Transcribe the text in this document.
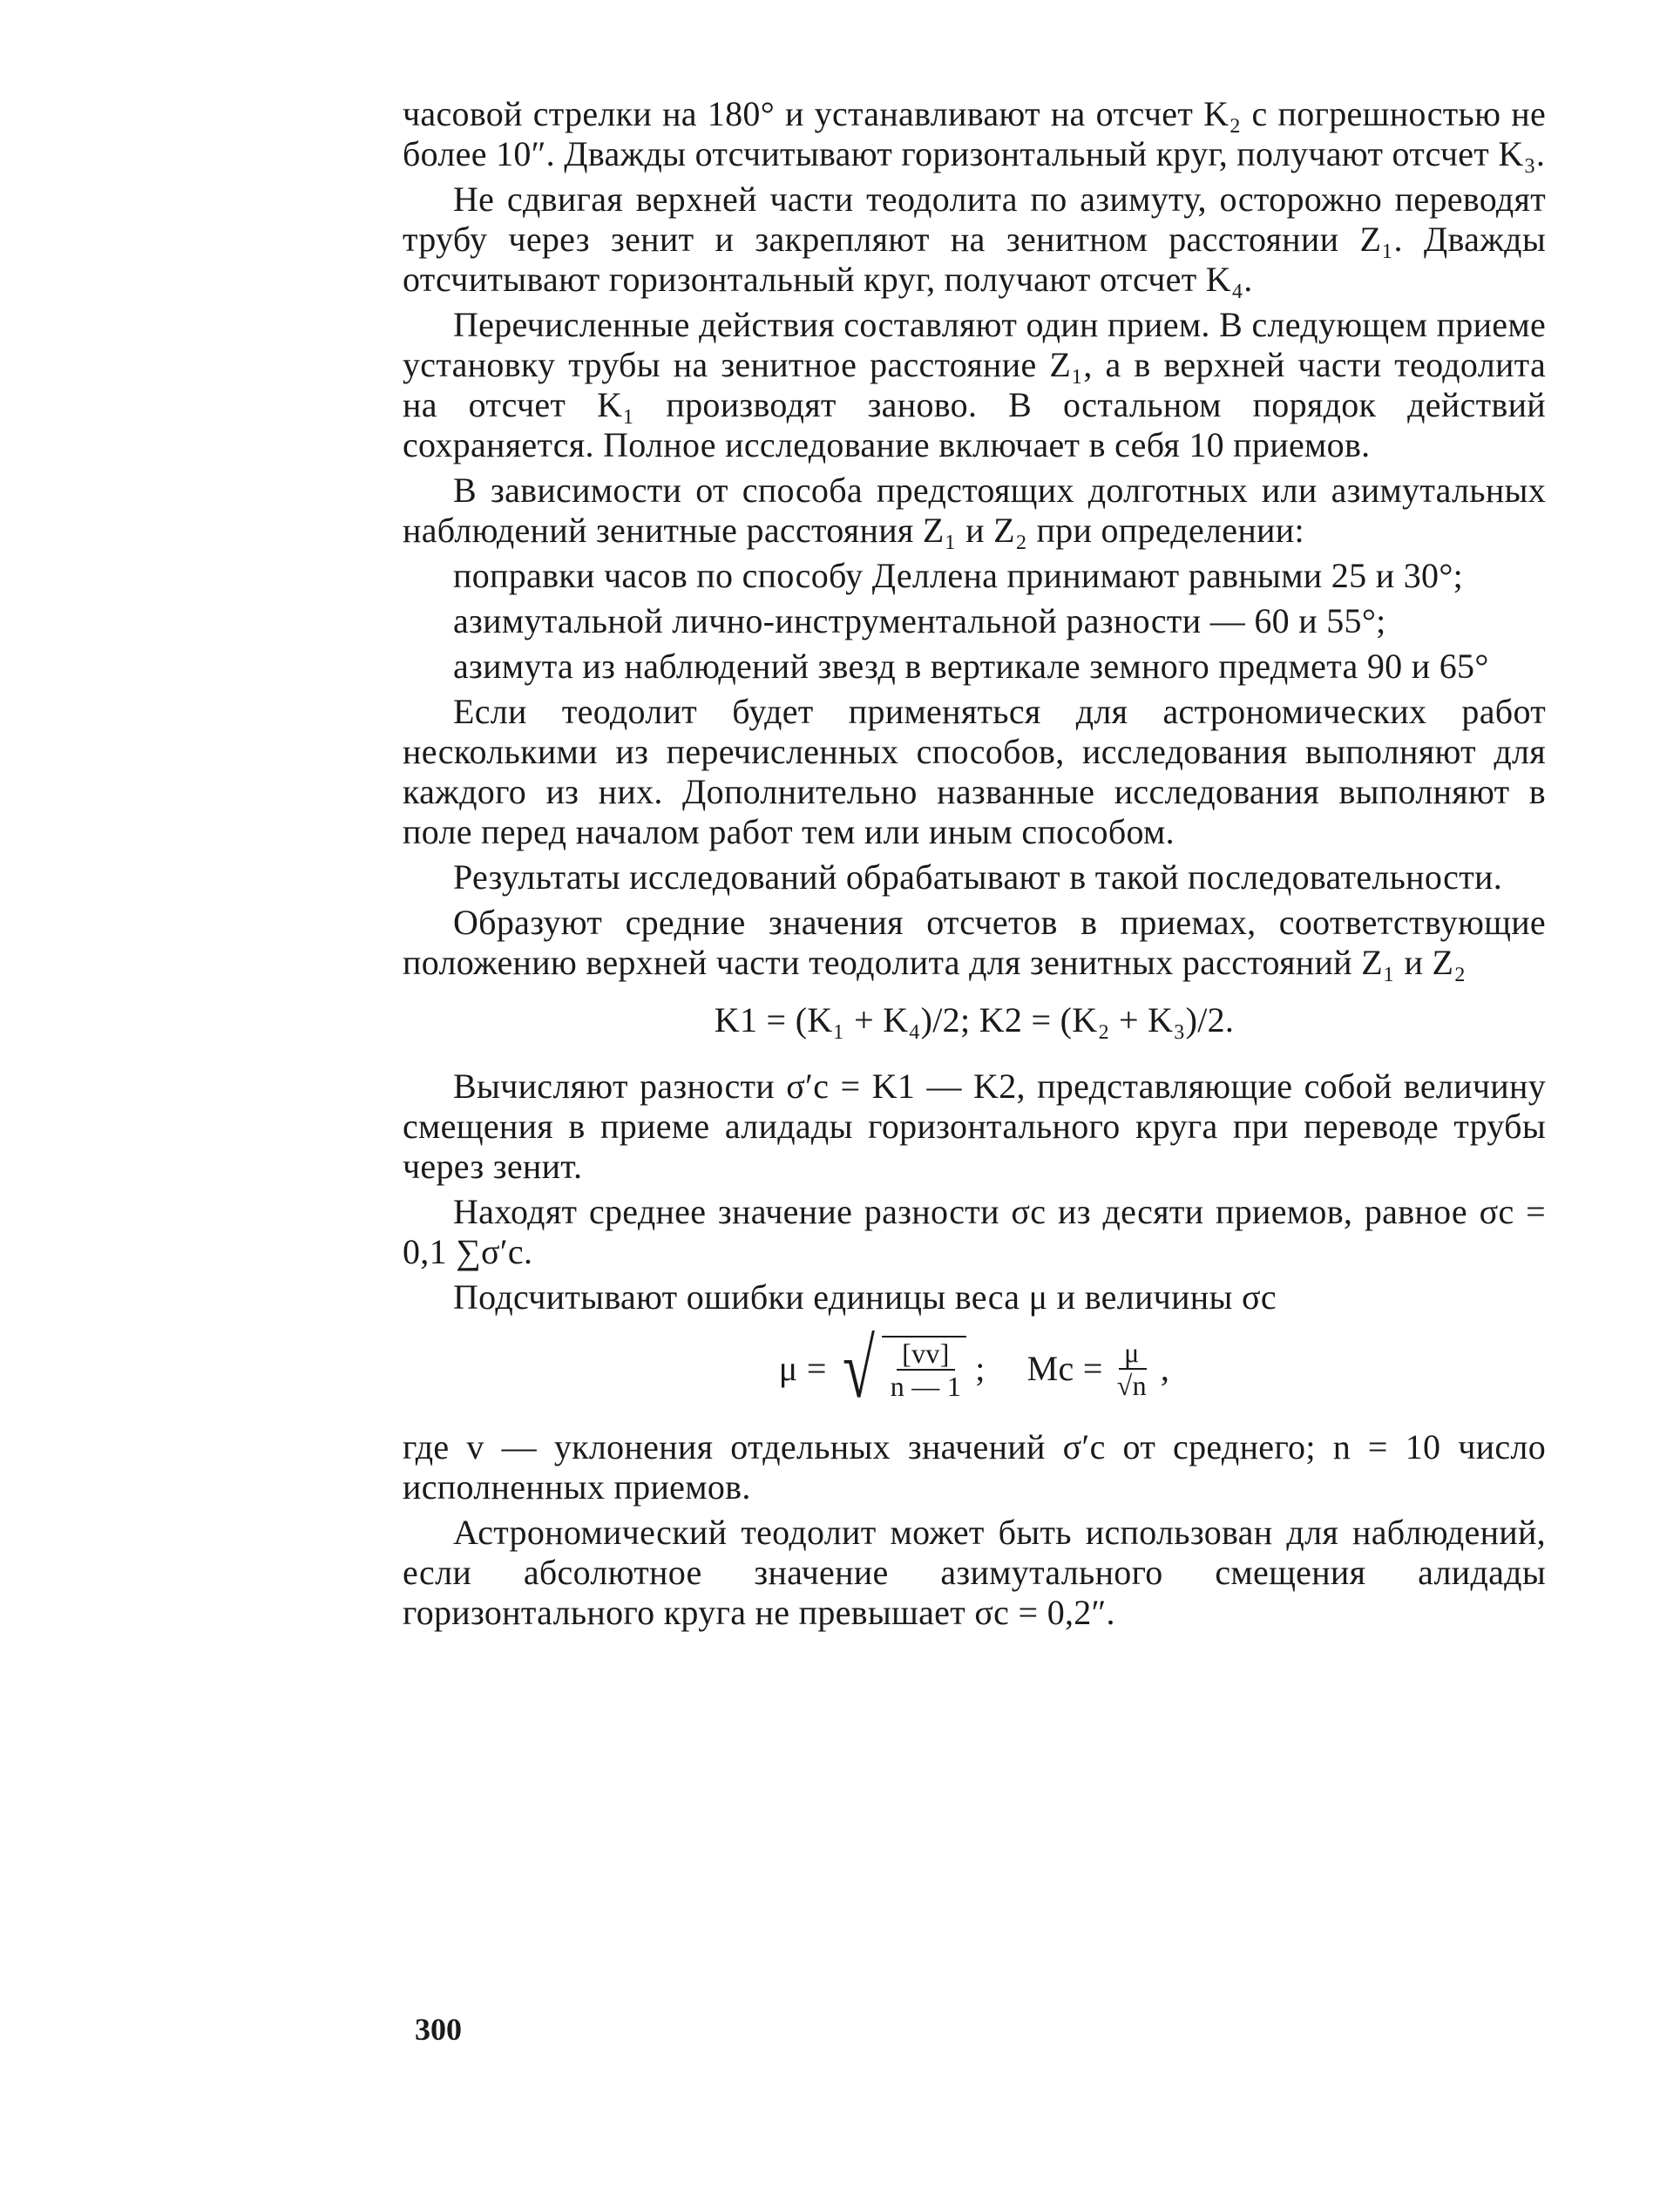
часовой стрелки на 180° и устанавливают на отсчет K₂ с погрешностью не более 10″. Дважды отсчитывают горизонтальный круг, получают отсчет K₃.

Не сдвигая верхней части теодолита по азимуту, осторожно переводят трубу через зенит и закрепляют на зенитном расстоянии Z₁. Дважды отсчитывают горизонтальный круг, получают отсчет K₄.

Перечисленные действия составляют один прием. В следующем приеме установку трубы на зенитное расстояние Z₁, а в верхней части теодолита на отсчет K₁ производят заново. В остальном порядок действий сохраняется. Полное исследование включает в себя 10 приемов.

В зависимости от способа предстоящих долготных или азимутальных наблюдений зенитные расстояния Z₁ и Z₂ при определении:

поправки часов по способу Деллена принимают равными 25 и 30°;

азимутальной лично-инструментальной разности — 60 и 55°;

азимута из наблюдений звезд в вертикале земного предмета 90 и 65°

Если теодолит будет применяться для астрономических работ несколькими из перечисленных способов, исследования выполняют для каждого из них. Дополнительно названные исследования выполняют в поле перед началом работ тем или иным способом.

Результаты исследований обрабатывают в такой последовательности.

Образуют средние значения отсчетов в приемах, соответствующие положению верхней части теодолита для зенитных расстояний Z₁ и Z₂

K1 = (K₁ + K₄)/2; K2 = (K₂ + K₃)/2.

Вычисляют разности σ′c = K1 — K2, представляющие собой величину смещения в приеме алидады горизонтального круга при переводе трубы через зенит.

Находят среднее значение разности σc из десяти приемов, равное σc = 0,1 ∑σ′c.

Подсчитывают ошибки единицы веса μ и величины σc

μ = √ $\frac{[vv]}{n — 1}$ ; $Mc = \frac{\mu}{√n}$ ,

где v — уклонения отдельных значений σ′c от среднего; n = 10 число исполненных приемов.

Астрономический теодолит может быть использован для наблюдений, если абсолютное значение азимутального смещения алидады горизонтального круга не превышает σc = 0,2″.

300
